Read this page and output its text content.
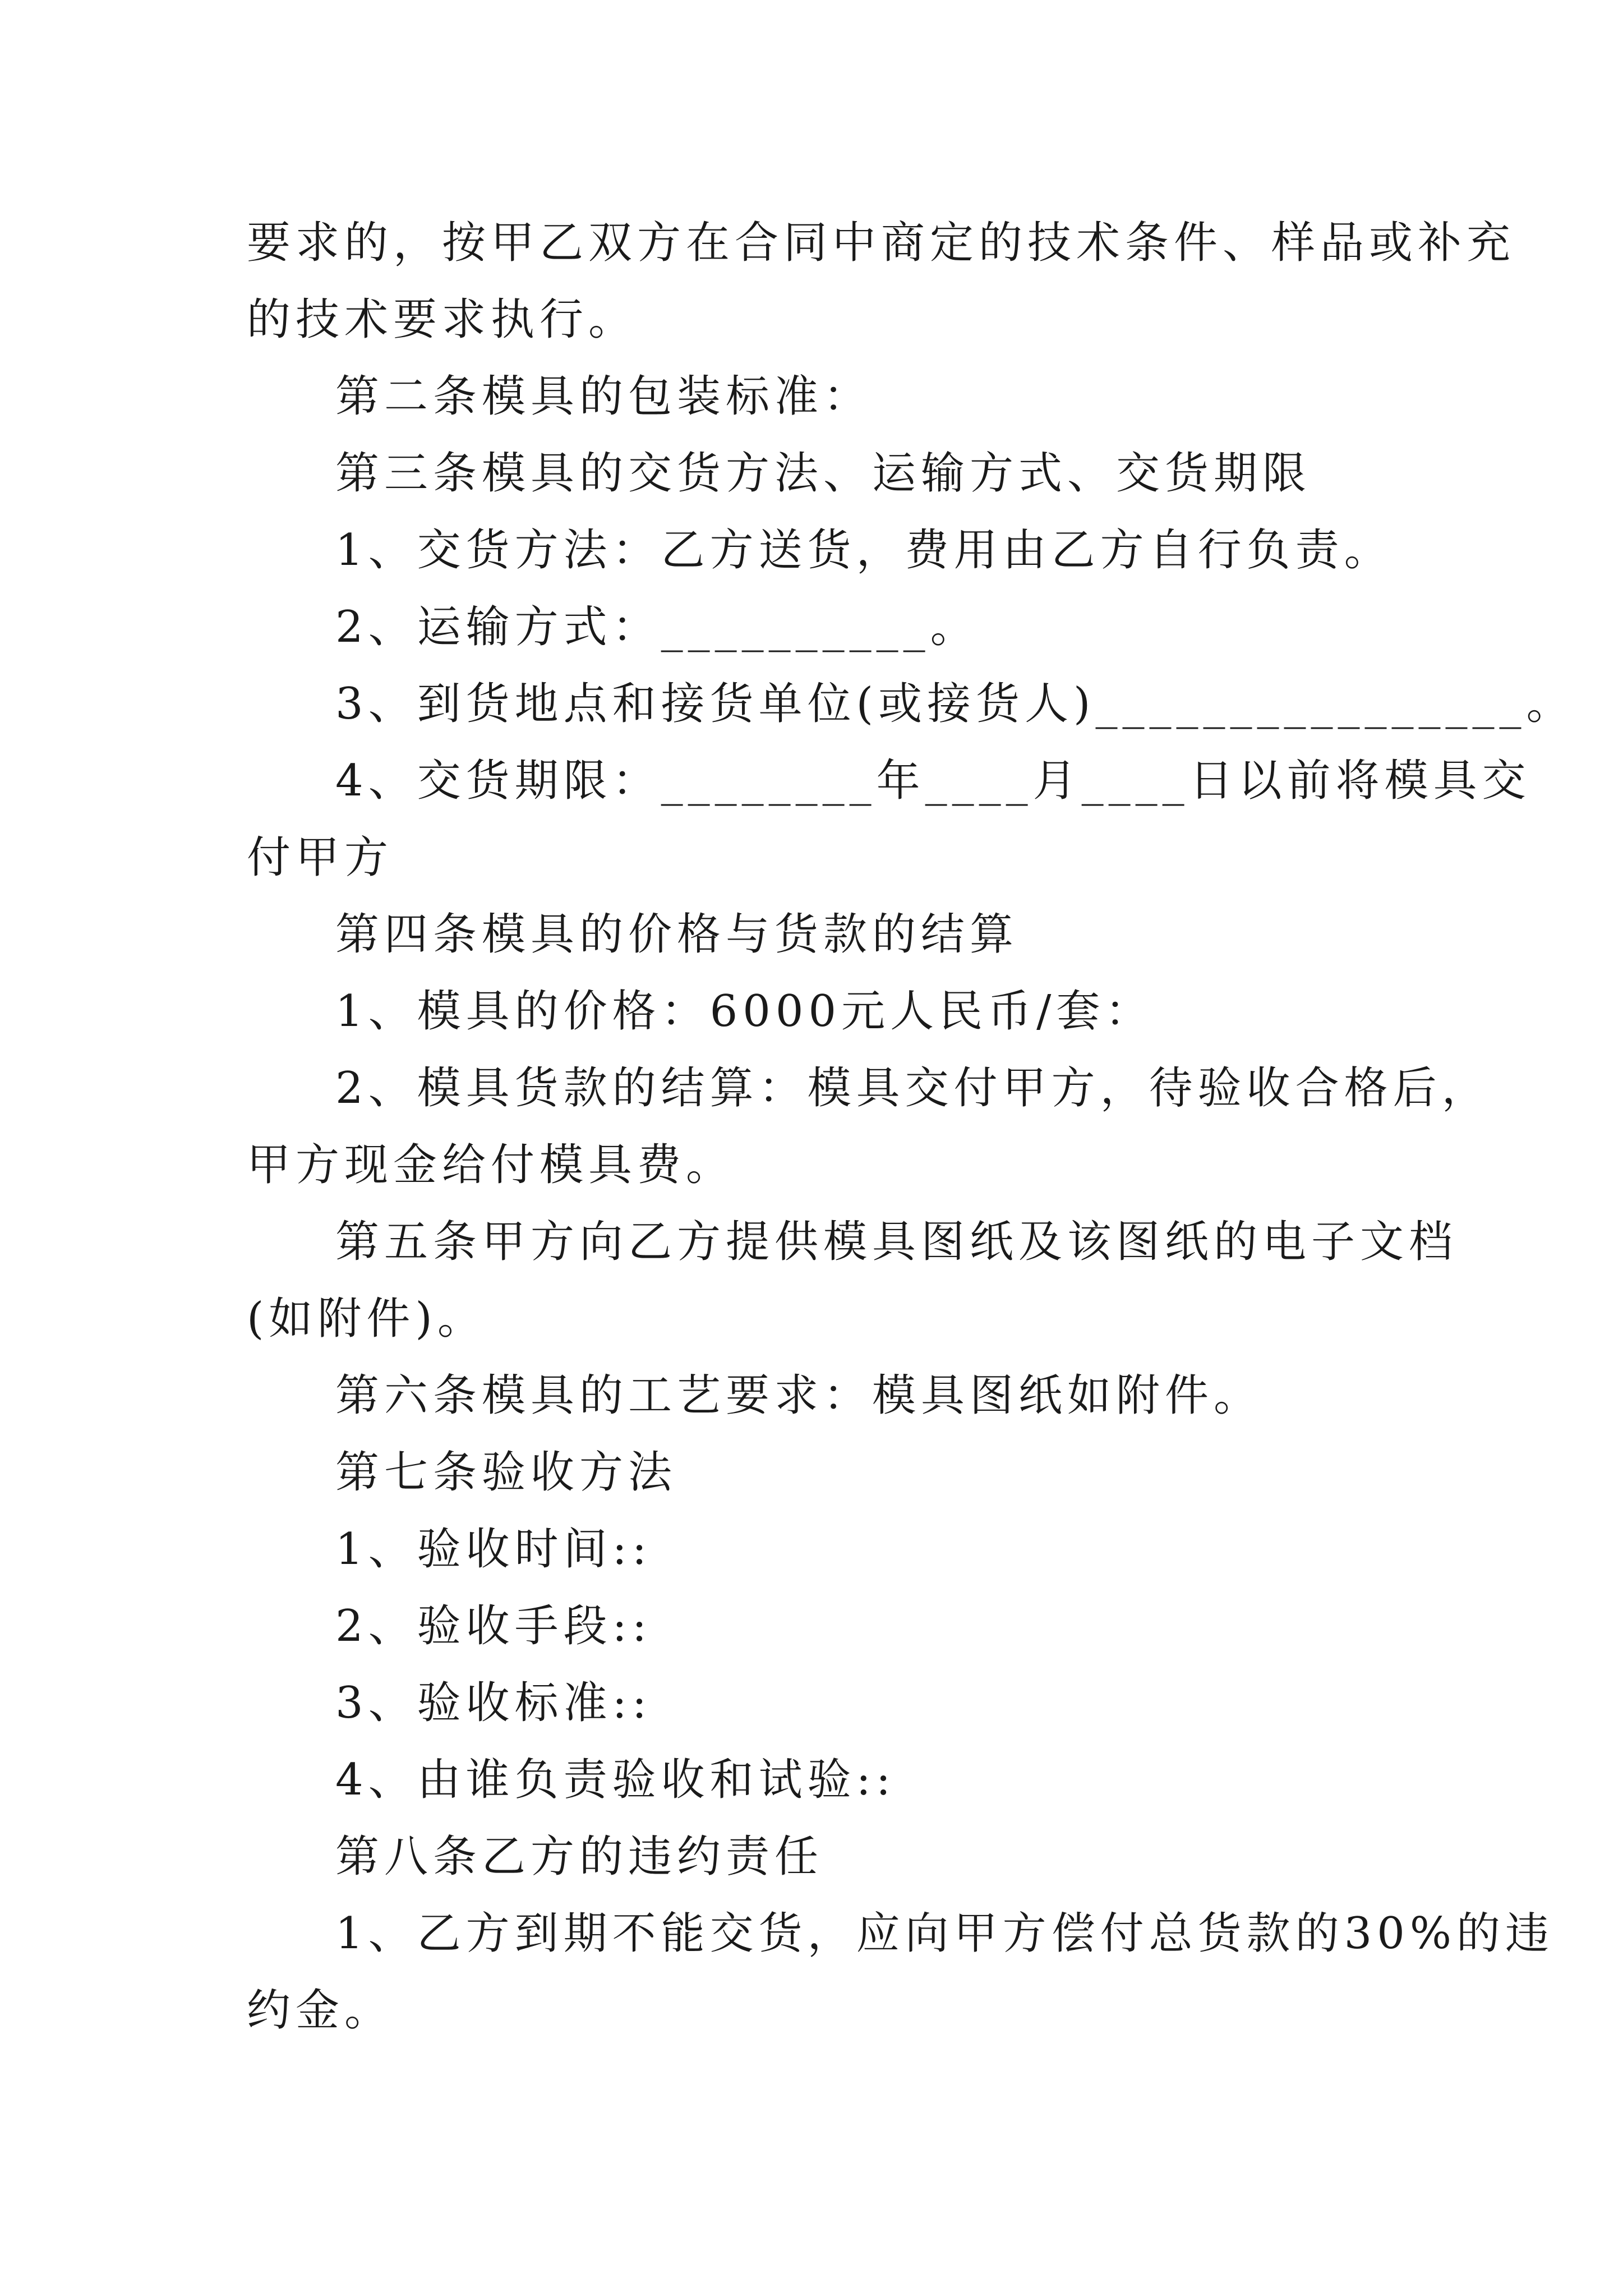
要求的，按甲乙双方在合同中商定的技术条件、样品或补充
的技术要求执行。
第二条模具的包装标准：
第三条模具的交货方法、运输方式、交货期限
1、交货方法：乙方送货，费用由乙方自行负责。
2、运输方式：__________。
3、到货地点和接货单位(或接货人)________________。
4、交货期限：________年____月____日以前将模具交
付甲方
第四条模具的价格与货款的结算
1、模具的价格：6000元人民币/套：
2、模具货款的结算：模具交付甲方，待验收合格后，
甲方现金给付模具费。
第五条甲方向乙方提供模具图纸及该图纸的电子文档
(如附件)。
第六条模具的工艺要求：模具图纸如附件。
第七条验收方法
1、验收时间::
2、验收手段::
3、验收标准::
4、由谁负责验收和试验::
第八条乙方的违约责任
1、乙方到期不能交货，应向甲方偿付总货款的30%的违
约金。
